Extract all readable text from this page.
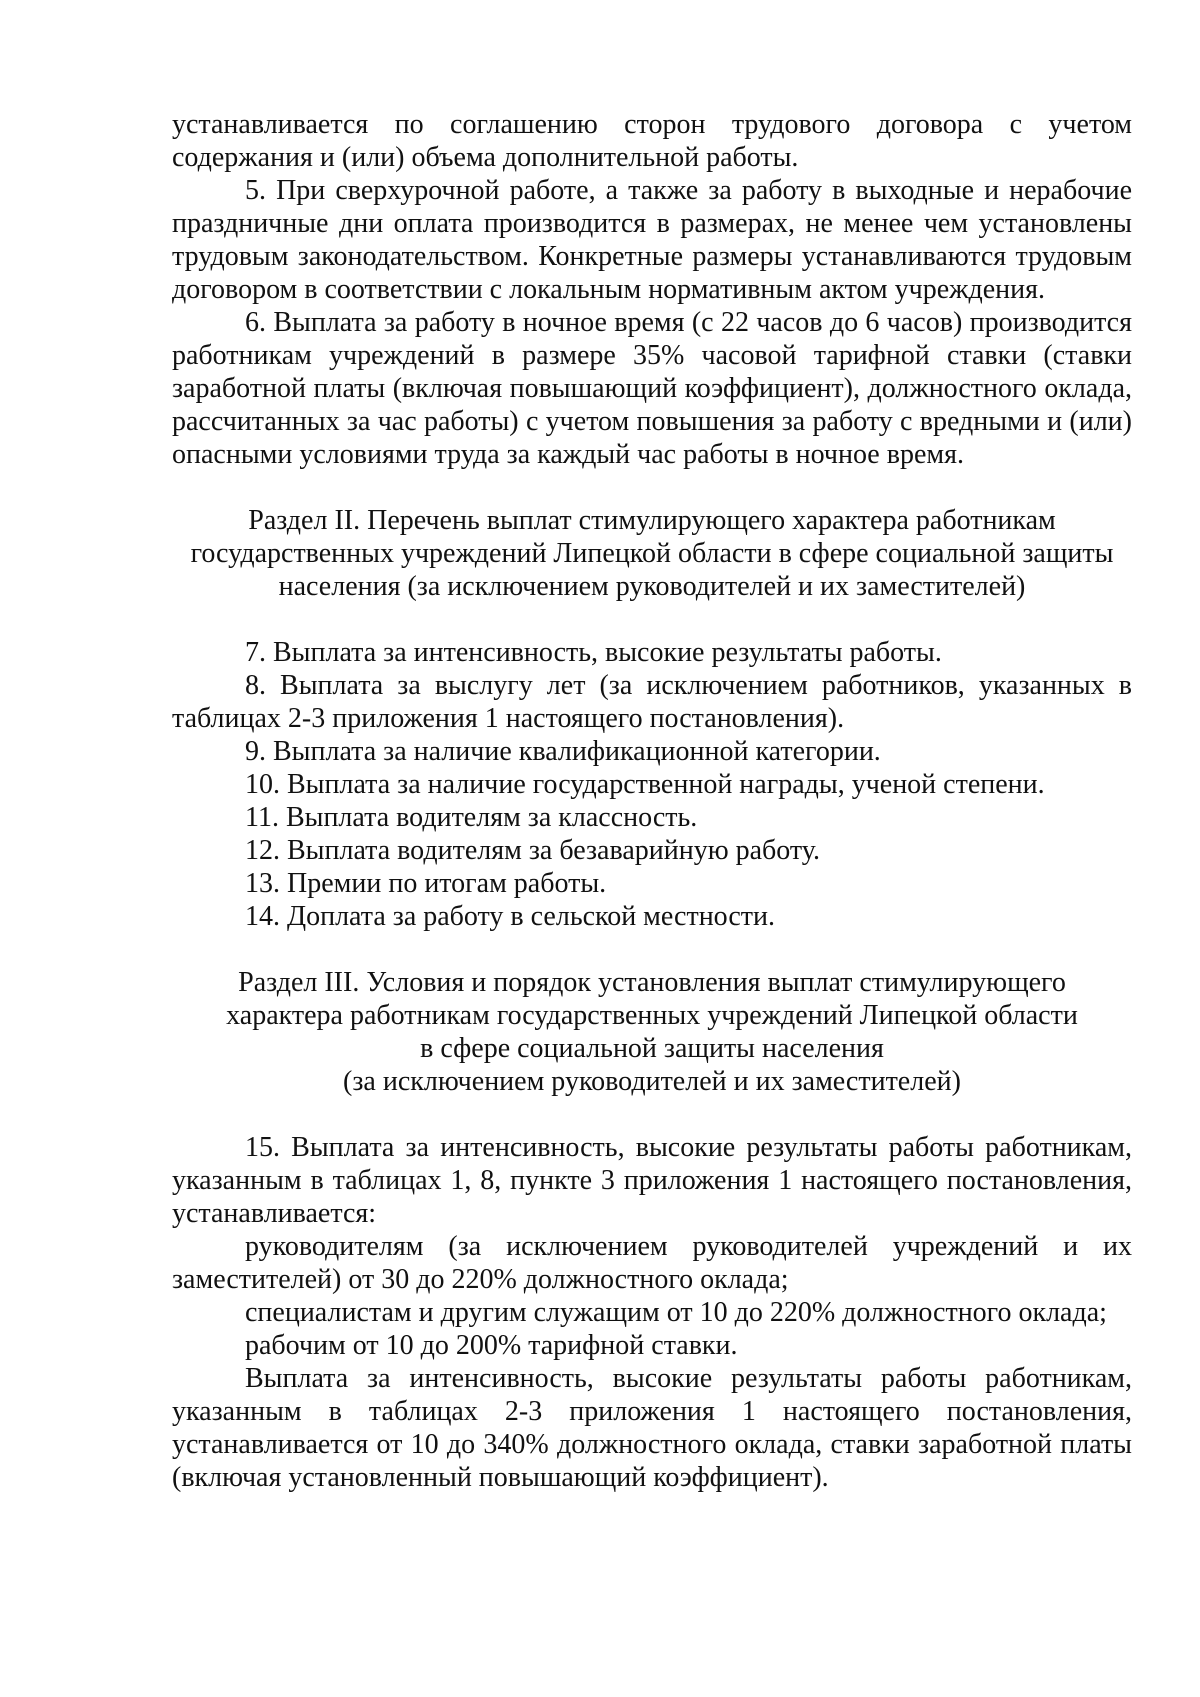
устанавливается по соглашению сторон трудового договора с учетом содержания и (или) объема дополнительной работы.

5. При сверхурочной работе, а также за работу в выходные и нерабочие праздничные дни оплата производится в размерах, не менее чем установлены трудовым законодательством. Конкретные размеры устанавливаются трудовым договором в соответствии с локальным нормативным актом учреждения.

6. Выплата за работу в ночное время (с 22 часов до 6 часов) производится работникам учреждений в размере 35% часовой тарифной ставки (ставки заработной платы (включая повышающий коэффициент), должностного оклада, рассчитанных за час работы) с учетом повышения за работу с вредными и (или) опасными условиями труда за каждый час работы в ночное время.

Раздел II. Перечень выплат стимулирующего характера работникам
государственных учреждений Липецкой области в сфере социальной защиты
населения (за исключением руководителей и их заместителей)

7. Выплата за интенсивность, высокие результаты работы.

8. Выплата за выслугу лет (за исключением работников, указанных в таблицах 2-3 приложения 1 настоящего постановления).

9. Выплата за наличие квалификационной категории.

10. Выплата за наличие государственной награды, ученой степени.

11. Выплата водителям за классность.

12. Выплата водителям за безаварийную работу.

13. Премии по итогам работы.

14. Доплата за работу в сельской местности.

Раздел III. Условия и порядок установления выплат стимулирующего
характера работникам государственных учреждений Липецкой области
в сфере социальной защиты населения
(за исключением руководителей и их заместителей)

15. Выплата за интенсивность, высокие результаты работы работникам, указанным в таблицах 1, 8, пункте 3 приложения 1 настоящего постановления, устанавливается:

руководителям (за исключением руководителей учреждений и их заместителей) от 30 до 220% должностного оклада;

специалистам и другим служащим от 10 до 220% должностного оклада;

рабочим от 10 до 200% тарифной ставки.

Выплата за интенсивность, высокие результаты работы работникам, указанным в таблицах 2-3 приложения 1 настоящего постановления, устанавливается от 10 до 340% должностного оклада, ставки заработной платы (включая установленный повышающий коэффициент).
